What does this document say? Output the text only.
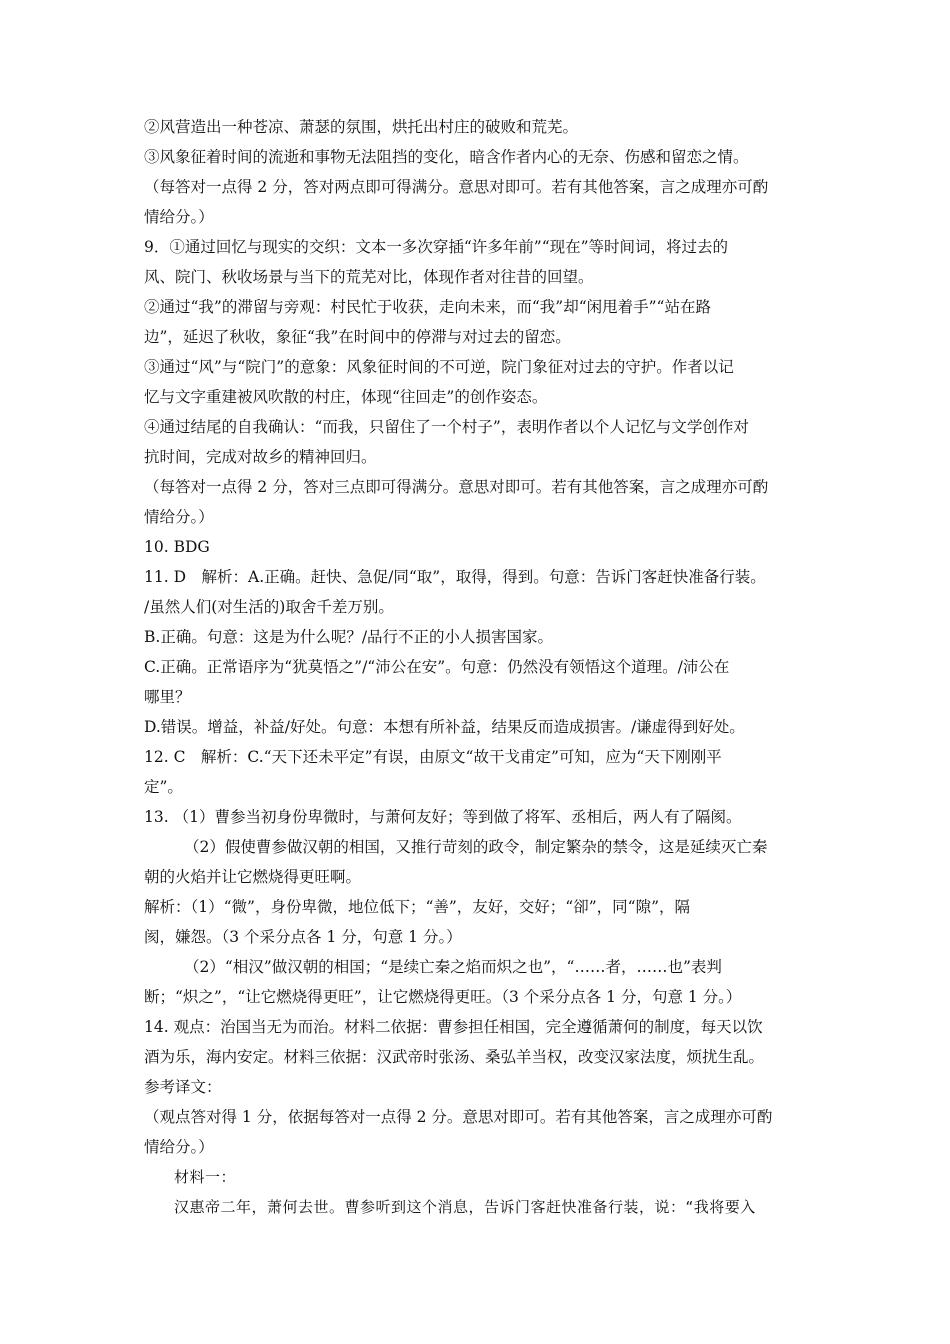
②风营造出一种苍凉、萧瑟的氛围，烘托出村庄的破败和荒芜。
③风象征着时间的流逝和事物无法阻挡的变化，暗含作者内心的无奈、伤感和留恋之情。
（每答对一点得 2 分，答对两点即可得满分。意思对即可。若有其他答案，言之成理亦可酌
情给分。）
9．①通过回忆与现实的交织：文本一多次穿插“许多年前”“现在”等时间词，将过去的
风、院门、秋收场景与当下的荒芜对比，体现作者对往昔的回望。
②通过“我”的滞留与旁观：村民忙于收获，走向未来，而“我”却“闲甩着手”“站在路
边”，延迟了秋收，象征“我”在时间中的停滞与对过去的留恋。
③通过“风”与“院门”的意象：风象征时间的不可逆，院门象征对过去的守护。作者以记
忆与文字重建被风吹散的村庄，体现“往回走”的创作姿态。
④通过结尾的自我确认：“而我，只留住了一个村子”，表明作者以个人记忆与文学创作对
抗时间，完成对故乡的精神回归。
（每答对一点得 2 分，答对三点即可得满分。意思对即可。若有其他答案，言之成理亦可酌
情给分。）
10. BDG
11. D　解析：A.正确。赶快、急促/同“取”，取得，得到。句意：告诉门客赶快准备行装。
/虽然人们(对生活的)取舍千差万别。
B.正确。句意：这是为什么呢？/品行不正的小人损害国家。
C.正确。正常语序为“犹莫悟之”/“沛公在安”。句意：仍然没有领悟这个道理。/沛公在
哪里？
D.错误。增益，补益/好处。句意：本想有所补益，结果反而造成损害。/谦虚得到好处。
12. C　解析：C.“天下还未平定”有误，由原文“故干戈甫定”可知，应为“天下刚刚平
定”。
13. （1）曹参当初身份卑微时，与萧何友好；等到做了将军、丞相后，两人有了隔阂。
（2）假使曹参做汉朝的相国，又推行苛刻的政令，制定繁杂的禁令，这是延续灭亡秦
朝的火焰并让它燃烧得更旺啊。
解析：（1）“微”，身份卑微，地位低下；“善”，友好，交好；“卻”，同“隙”，隔
阂，嫌怨。（3 个采分点各 1 分，句意 1 分。）
（2）“相汉”做汉朝的相国；“是续亡秦之焰而炽之也”，“……者，……也”表判
断；“炽之”，“让它燃烧得更旺”，让它燃烧得更旺。（3 个采分点各 1 分，句意 1 分。）
14. 观点：治国当无为而治。材料二依据：曹参担任相国，完全遵循萧何的制度，每天以饮
酒为乐，海内安定。材料三依据：汉武帝时张汤、桑弘羊当权，改变汉家法度，烦扰生乱。
参考译文：
（观点答对得 1 分，依据每答对一点得 2 分。意思对即可。若有其他答案，言之成理亦可酌
情给分。）
材料一：
汉惠帝二年，萧何去世。曹参听到这个消息，告诉门客赶快准备行装，说：“我将要入
